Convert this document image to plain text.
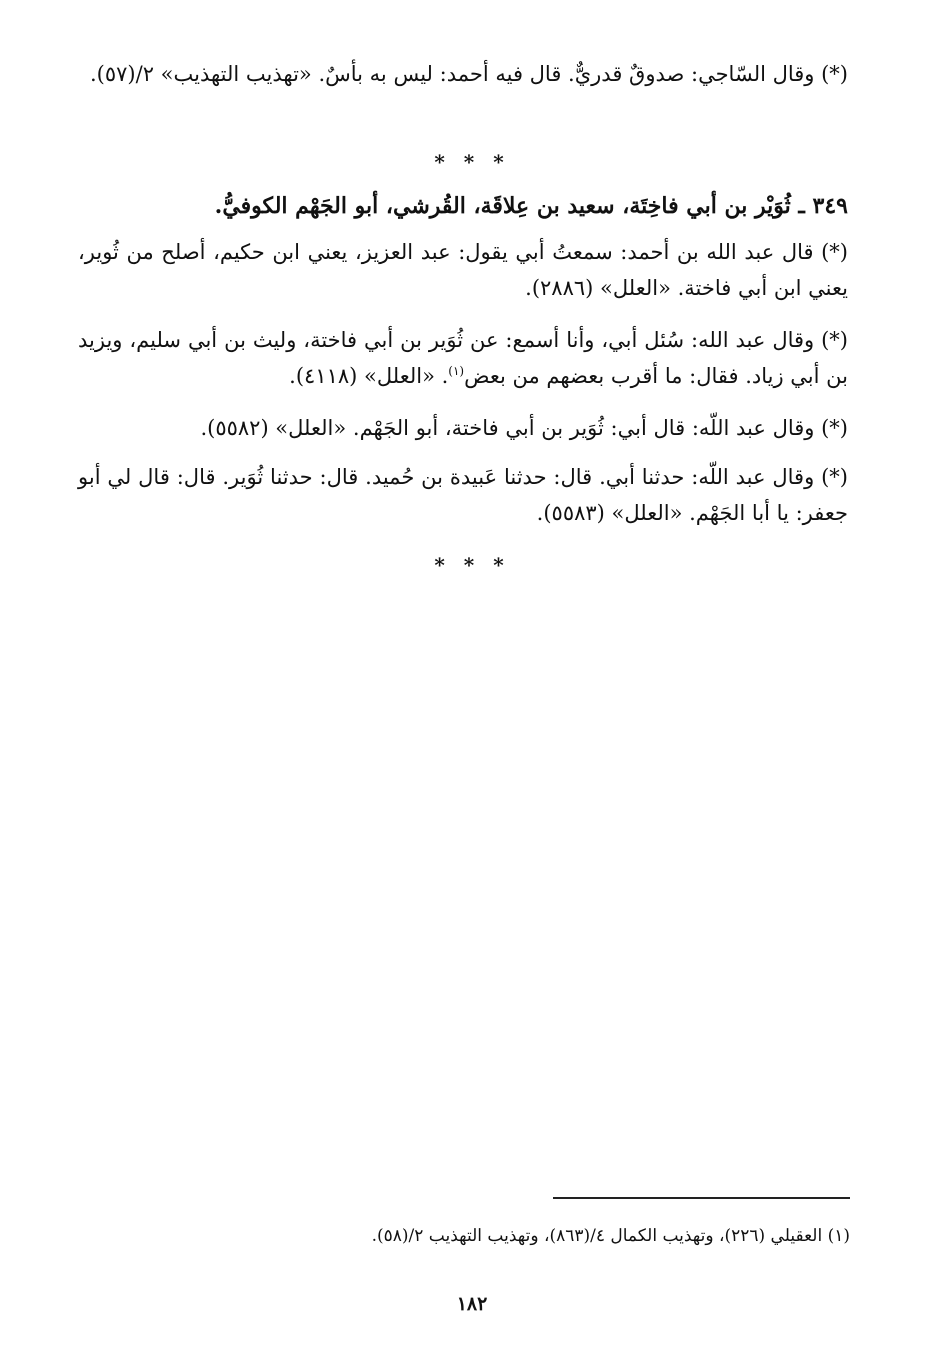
(*) وقال السّاجي: صدوقٌ قدريٌّ. قال فيه أحمد: ليس به بأسٌ. «تهذيب التهذيب» ٢/(٥٧).
* * *
٣٤٩ ـ ثُوَيْر بن أبي فاخِتَة، سعيد بن عِلاقَة، القُرشي، أبو الجَهْم الكوفيُّ.
(*) قال عبد الله بن أحمد: سمعتُ أبي يقول: عبد العزيز، يعني ابن حكيم، أصلح من ثُوير، يعني ابن أبي فاختة. «العلل» (٢٨٨٦).
(*) وقال عبد الله: سُئل أبي، وأنا أسمع: عن ثُوَير بن أبي فاختة، وليث بن أبي سليم، ويزيد بن أبي زياد. فقال: ما أقرب بعضهم من بعض$^{(١)}$. «العلل» (٤١١٨).
(*) وقال عبد اللّه: قال أبي: ثُوَير بن أبي فاختة، أبو الجَهْم. «العلل» (٥٥٨٢).
(*) وقال عبد اللّه: حدثنا أبي. قال: حدثنا عَبيدة بن حُميد. قال: حدثنا ثُوَير. قال: قال لي أبو جعفر: يا أبا الجَهْم. «العلل» (٥٥٨٣).
* * *
(١) العقيلي (٢٢٦)، وتهذيب الكمال ٤/(٨٦٣)، وتهذيب التهذيب ٢/(٥٨).
١٨٢
